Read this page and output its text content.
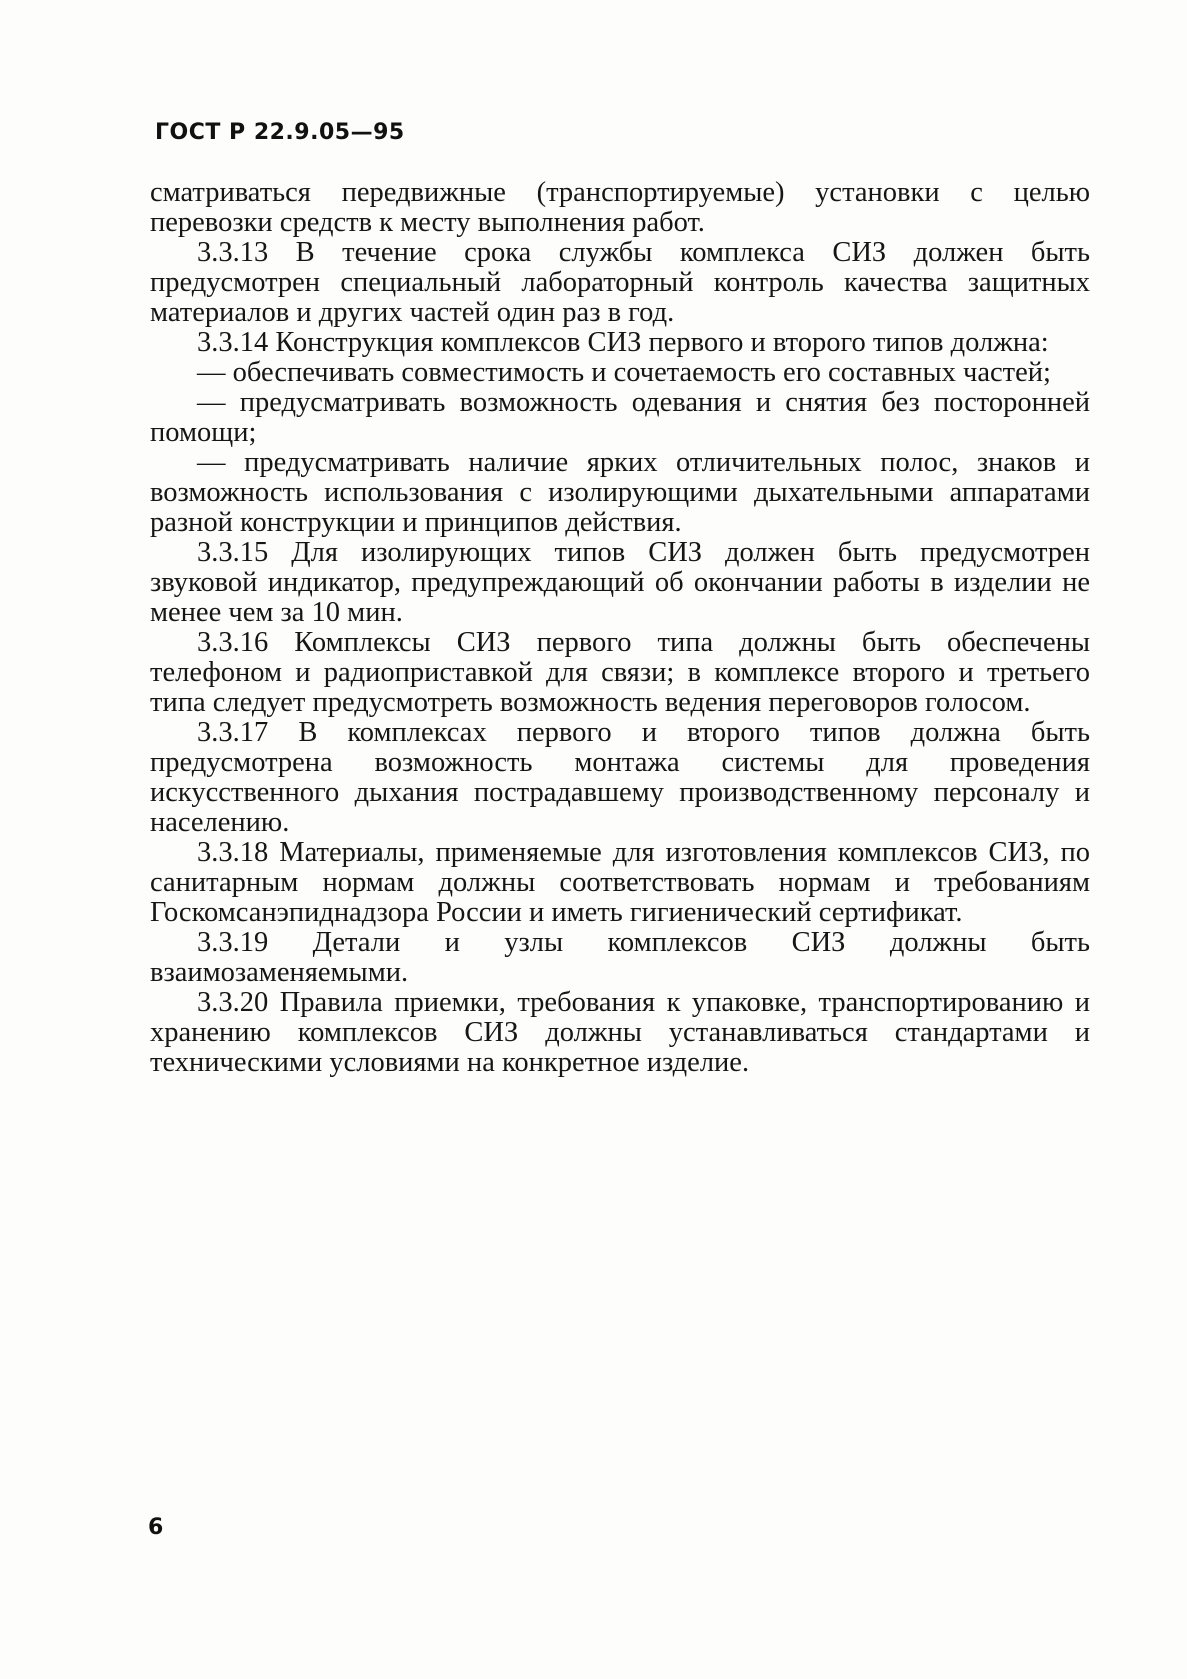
ГОСТ Р 22.9.05—95

сматриваться передвижные (транспортируемые) установки с целью перевозки средств к месту выполнения работ.

3.3.13 В течение срока службы комплекса СИЗ должен быть предусмотрен специальный лабораторный контроль качества защитных материалов и других частей один раз в год.

3.3.14 Конструкция комплексов СИЗ первого и второго типов должна:

— обеспечивать совместимость и сочетаемость его составных частей;

— предусматривать возможность одевания и снятия без посторонней помощи;

— предусматривать наличие ярких отличительных полос, знаков и возможность использования с изолирующими дыхательными аппаратами разной конструкции и принципов действия.

3.3.15 Для изолирующих типов СИЗ должен быть предусмотрен звуковой индикатор, предупреждающий об окончании работы в изделии не менее чем за 10 мин.

3.3.16 Комплексы СИЗ первого типа должны быть обеспечены телефоном и радиоприставкой для связи; в комплексе второго и третьего типа следует предусмотреть возможность ведения переговоров голосом.

3.3.17 В комплексах первого и второго типов должна быть предусмотрена возможность монтажа системы для проведения искусственного дыхания пострадавшему производственному персоналу и населению.

3.3.18 Материалы, применяемые для изготовления комплексов СИЗ, по санитарным нормам должны соответствовать нормам и требованиям Госкомсанэпиднадзора России и иметь гигиенический сертификат.

3.3.19 Детали и узлы комплексов СИЗ должны быть взаимозаменяемыми.

3.3.20 Правила приемки, требования к упаковке, транспортированию и хранению комплексов СИЗ должны устанавливаться стандартами и техническими условиями на конкретное изделие.

6
